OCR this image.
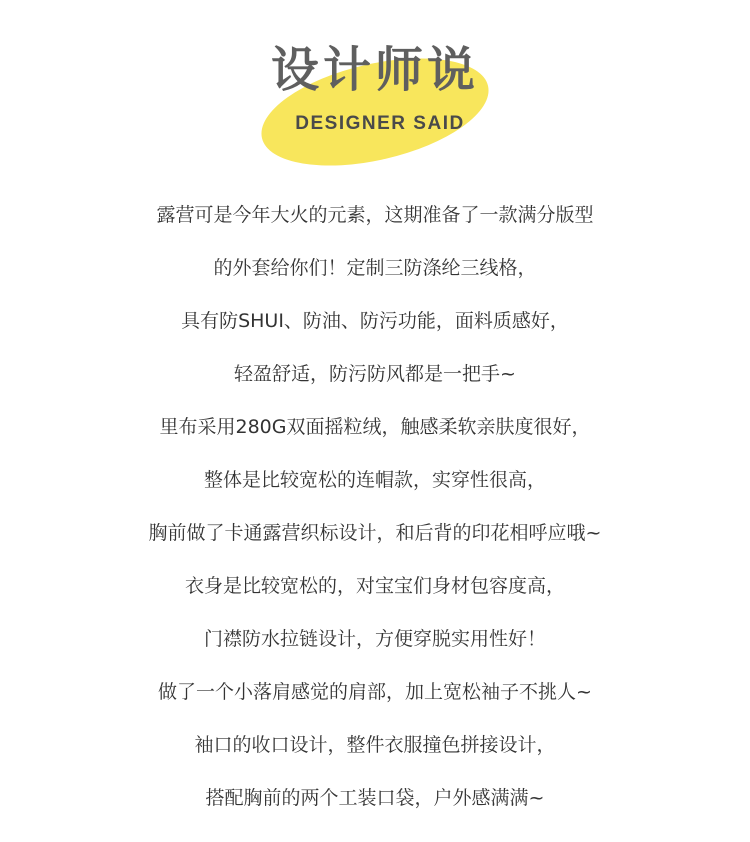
设计师说
DESIGNER SAID
露营可是今年大火的元素，这期准备了一款满分版型
的外套给你们！定制三防涤纶三线格，
具有防SHUI、防油、防污功能，面料质感好，
轻盈舒适，防污防风都是一把手~
里布采用280G双面摇粒绒，触感柔软亲肤度很好，
整体是比较宽松的连帽款，实穿性很高，
胸前做了卡通露营织标设计，和后背的印花相呼应哦~
衣身是比较宽松的，对宝宝们身材包容度高，
门襟防水拉链设计，方便穿脱实用性好！
做了一个小落肩感觉的肩部，加上宽松袖子不挑人~
袖口的收口设计，整件衣服撞色拼接设计，
搭配胸前的两个工装口袋，户外感满满~
